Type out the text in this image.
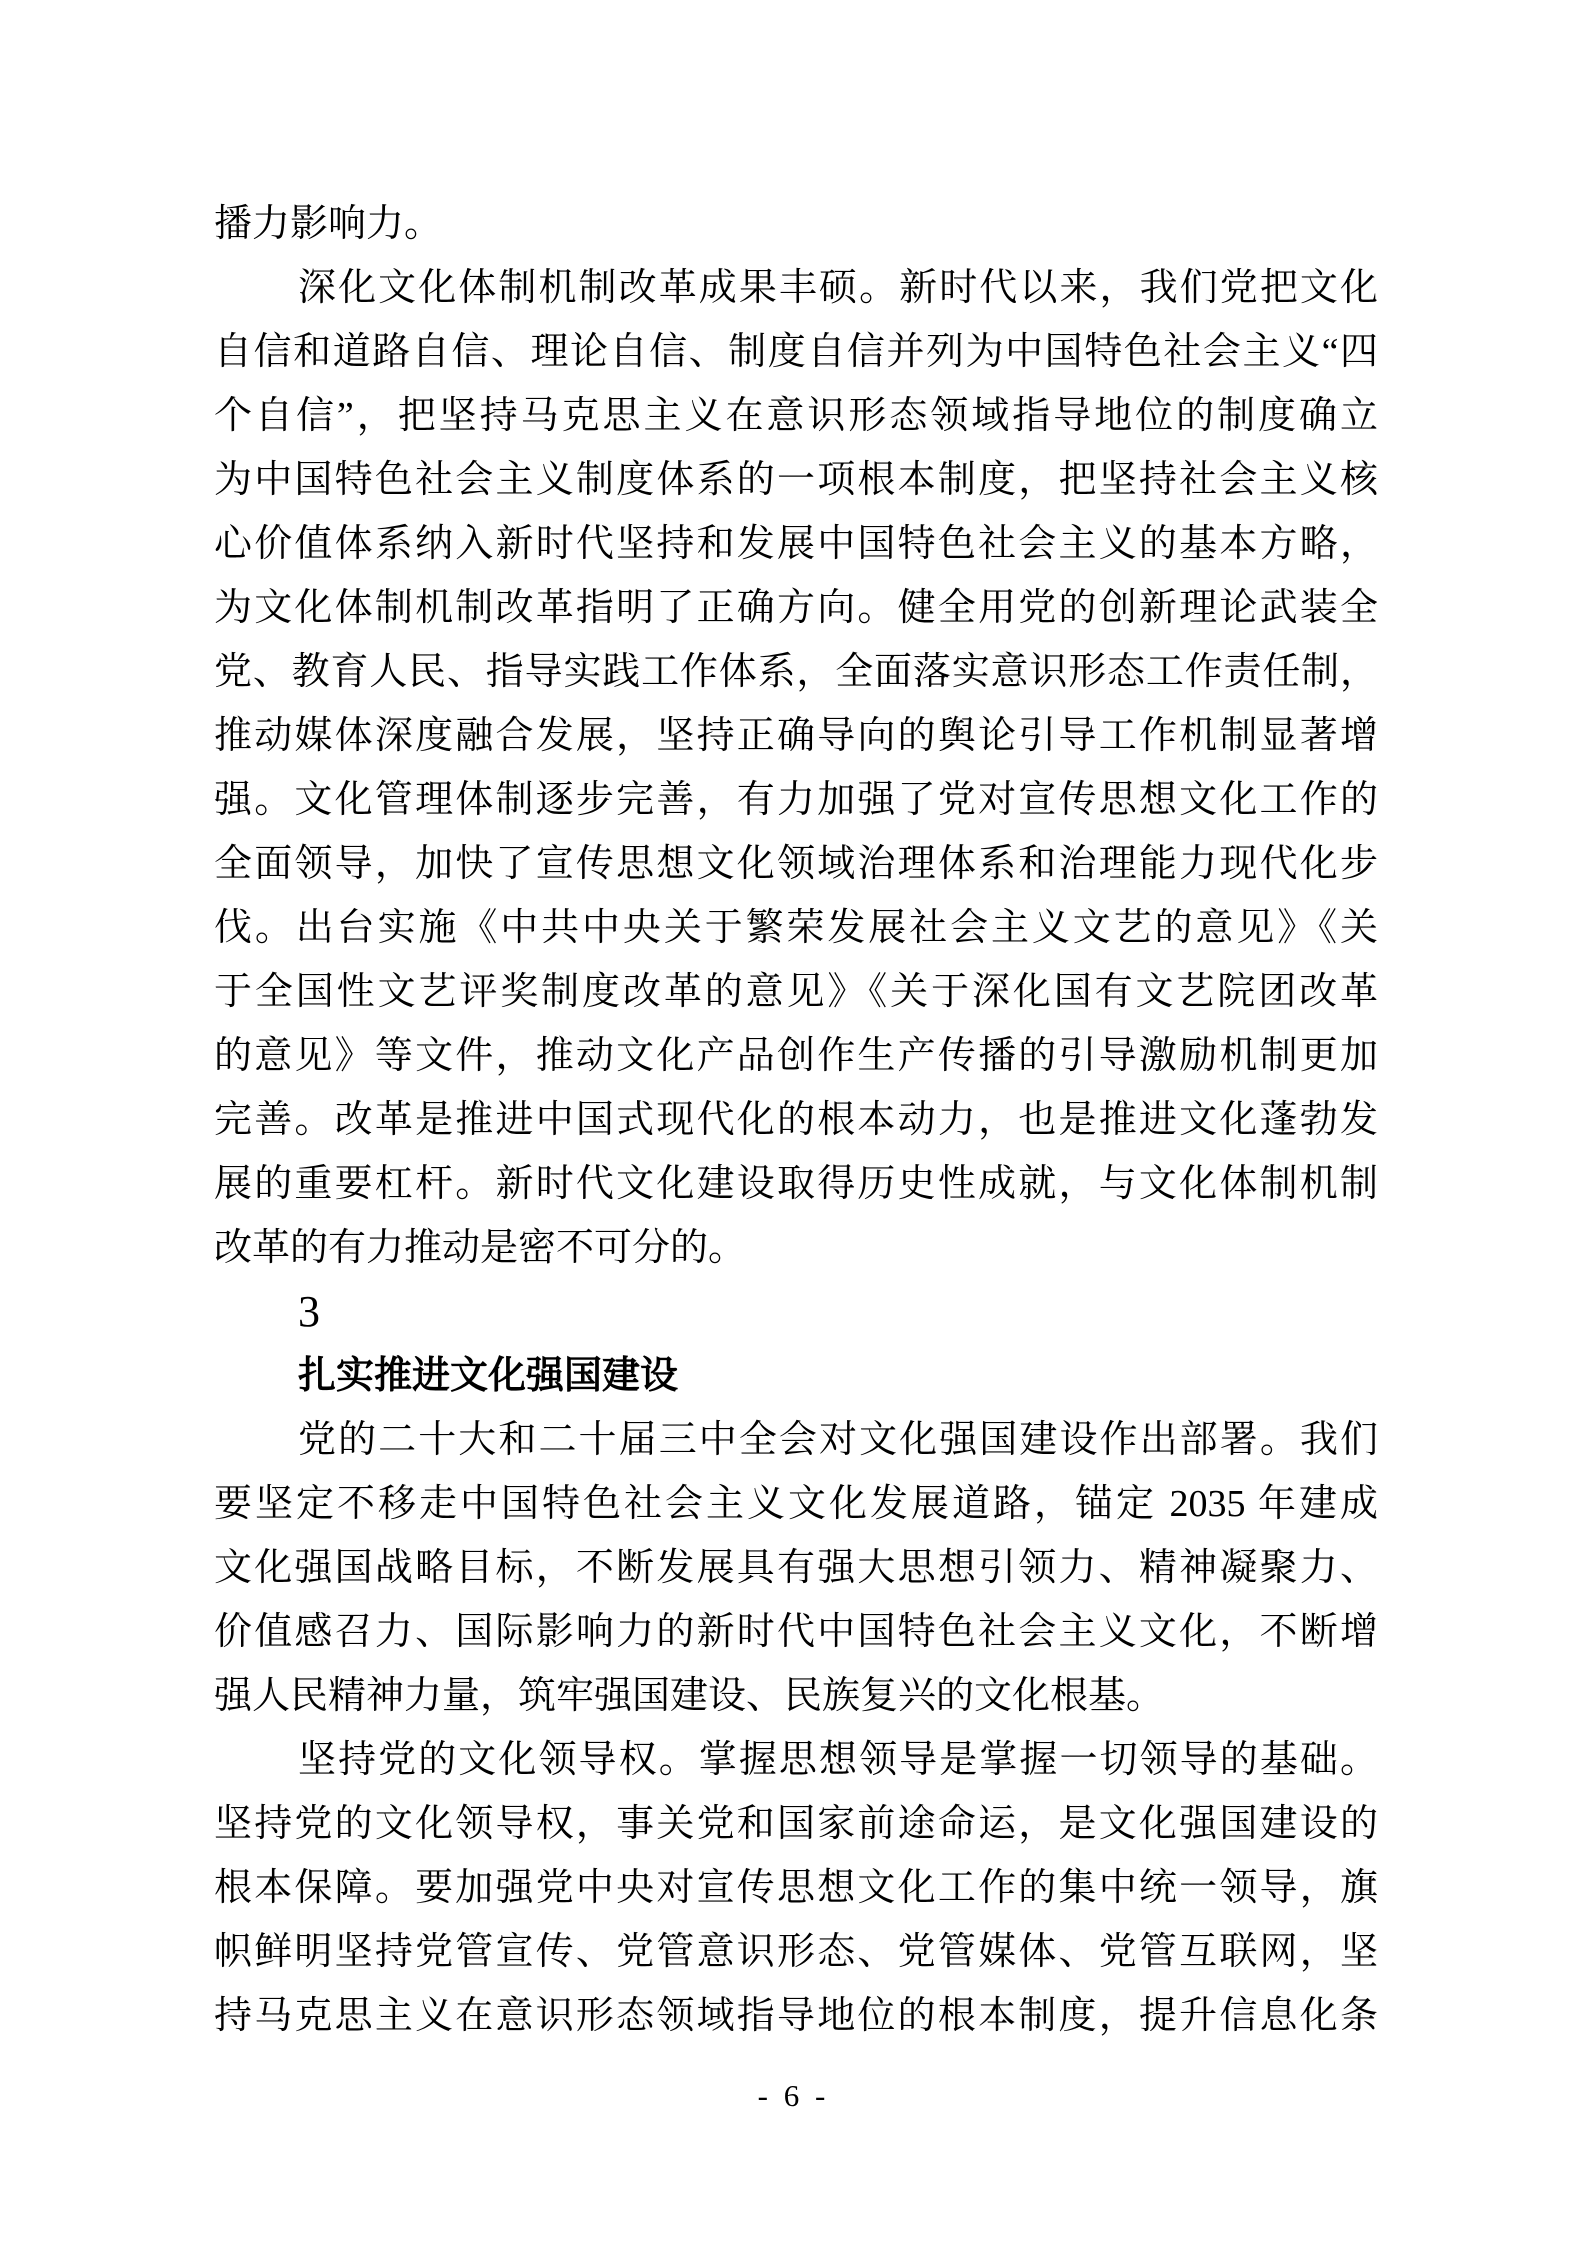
播力影响力。
深化文化体制机制改革成果丰硕。新时代以来，我们党把文化
自信和道路自信、理论自信、制度自信并列为中国特色社会主义“四
个自信”，把坚持马克思主义在意识形态领域指导地位的制度确立
为中国特色社会主义制度体系的一项根本制度，把坚持社会主义核
心价值体系纳入新时代坚持和发展中国特色社会主义的基本方略，
为文化体制机制改革指明了正确方向。健全用党的创新理论武装全
党、教育人民、指导实践工作体系，全面落实意识形态工作责任制，
推动媒体深度融合发展，坚持正确导向的舆论引导工作机制显著增
强。文化管理体制逐步完善，有力加强了党对宣传思想文化工作的
全面领导，加快了宣传思想文化领域治理体系和治理能力现代化步
伐。出台实施《中共中央关于繁荣发展社会主义文艺的意见》《关
于全国性文艺评奖制度改革的意见》《关于深化国有文艺院团改革
的意见》等文件，推动文化产品创作生产传播的引导激励机制更加
完善。改革是推进中国式现代化的根本动力，也是推进文化蓬勃发
展的重要杠杆。新时代文化建设取得历史性成就，与文化体制机制
改革的有力推动是密不可分的。
3
扎实推进文化强国建设
党的二十大和二十届三中全会对文化强国建设作出部署。我们
要坚定不移走中国特色社会主义文化发展道路，锚定 2035 年建成
文化强国战略目标，不断发展具有强大思想引领力、精神凝聚力、
价值感召力、国际影响力的新时代中国特色社会主义文化，不断增
强人民精神力量，筑牢强国建设、民族复兴的文化根基。
坚持党的文化领导权。掌握思想领导是掌握一切领导的基础。
坚持党的文化领导权，事关党和国家前途命运，是文化强国建设的
根本保障。要加强党中央对宣传思想文化工作的集中统一领导，旗
帜鲜明坚持党管宣传、党管意识形态、党管媒体、党管互联网，坚
持马克思主义在意识形态领域指导地位的根本制度，提升信息化条
- 6 -
